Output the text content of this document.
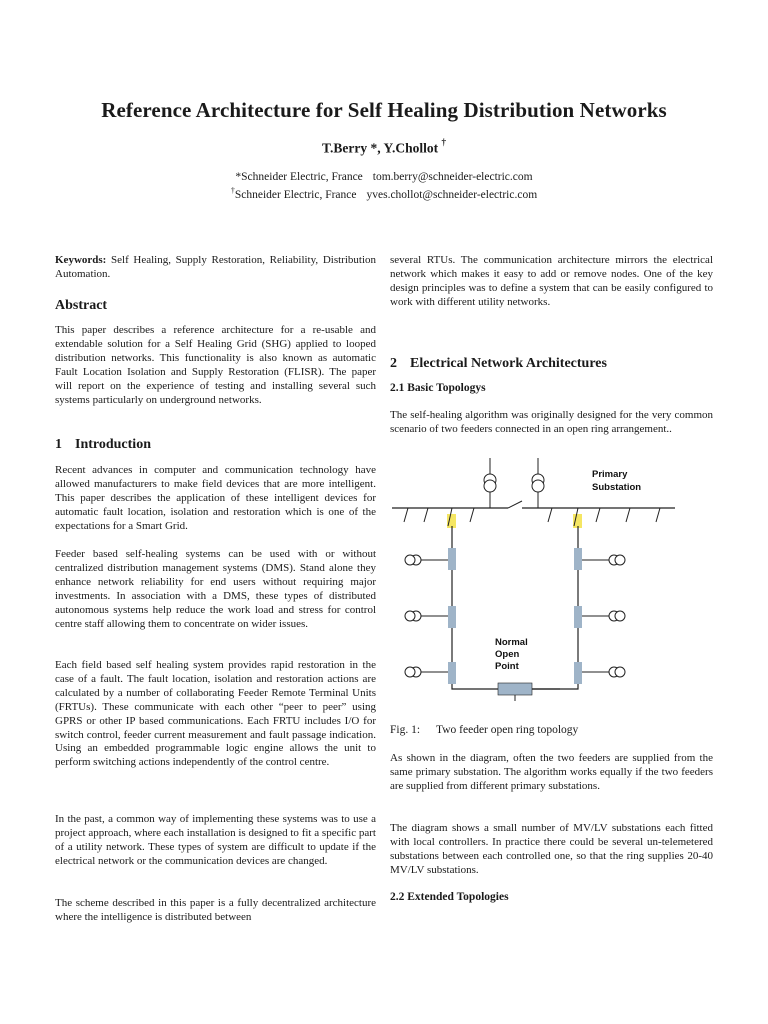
Reference Architecture for Self Healing Distribution Networks
T.Berry *, Y.Chollot †
*Schneider Electric, France tom.berry@schneider-electric.com
†Schneider Electric, France yves.chollot@schneider-electric.com

Keywords: Self Healing, Supply Restoration, Reliability, Distribution Automation.

Abstract

This paper describes a reference architecture for a re-usable and extendable solution for a Self Healing Grid (SHG) applied to looped distribution networks. This functionality is also known as automatic Fault Location Isolation and Supply Restoration (FLISR). The paper will report on the experience of testing and installing several such systems particularly on underground networks.

1 Introduction

Recent advances in computer and communication technology have allowed manufacturers to make field devices that are more intelligent. This paper describes the application of these intelligent devices for automatic fault location, isolation and restoration which is one of the expectations for a Smart Grid.

Feeder based self-healing systems can be used with or without centralized distribution management systems (DMS). Stand alone they enhance network reliability for end users without requiring major investments. In association with a DMS, these types of distributed autonomous systems help reduce the work load and stress for control centre staff allowing them to concentrate on wider issues.

Each field based self healing system provides rapid restoration in the case of a fault. The fault location, isolation and restoration actions are calculated by a number of collaborating Feeder Remote Terminal Units (FRTUs). These communicate with each other “peer to peer” using GPRS or other IP based communications. Each FRTU includes I/O for switch control, feeder current measurement and fault passage indication. Using an embedded programmable logic engine allows the unit to perform switching actions independently of the control centre.

In the past, a common way of implementing these systems was to use a project approach, where each installation is designed to fit a specific part of a utility network. These types of system are difficult to update if the electrical network or the communication devices are changed.

The scheme described in this paper is a fully decentralized architecture where the intelligence is distributed between

several RTUs. The communication architecture mirrors the electrical network which makes it easy to add or remove nodes. One of the key design principles was to define a system that can be easily configured to work with different utility networks.

2 Electrical Network Architectures
2.1 Basic Topologys

The self-healing algorithm was originally designed for the very common scenario of two feeders connected in an open ring arrangement..

Primary
Substation
Normal
Open
Point
Fig. 1: Two feeder open ring topology

As shown in the diagram, often the two feeders are supplied from the same primary substation. The algorithm works equally if the two feeders are supplied from different primary substations.

The diagram shows a small number of MV/LV substations each fitted with local controllers. In practice there could be several un-telemetered substations between each controlled one, so that the ring supplies 20-40 MV/LV substations.

2.2 Extended Topologies
